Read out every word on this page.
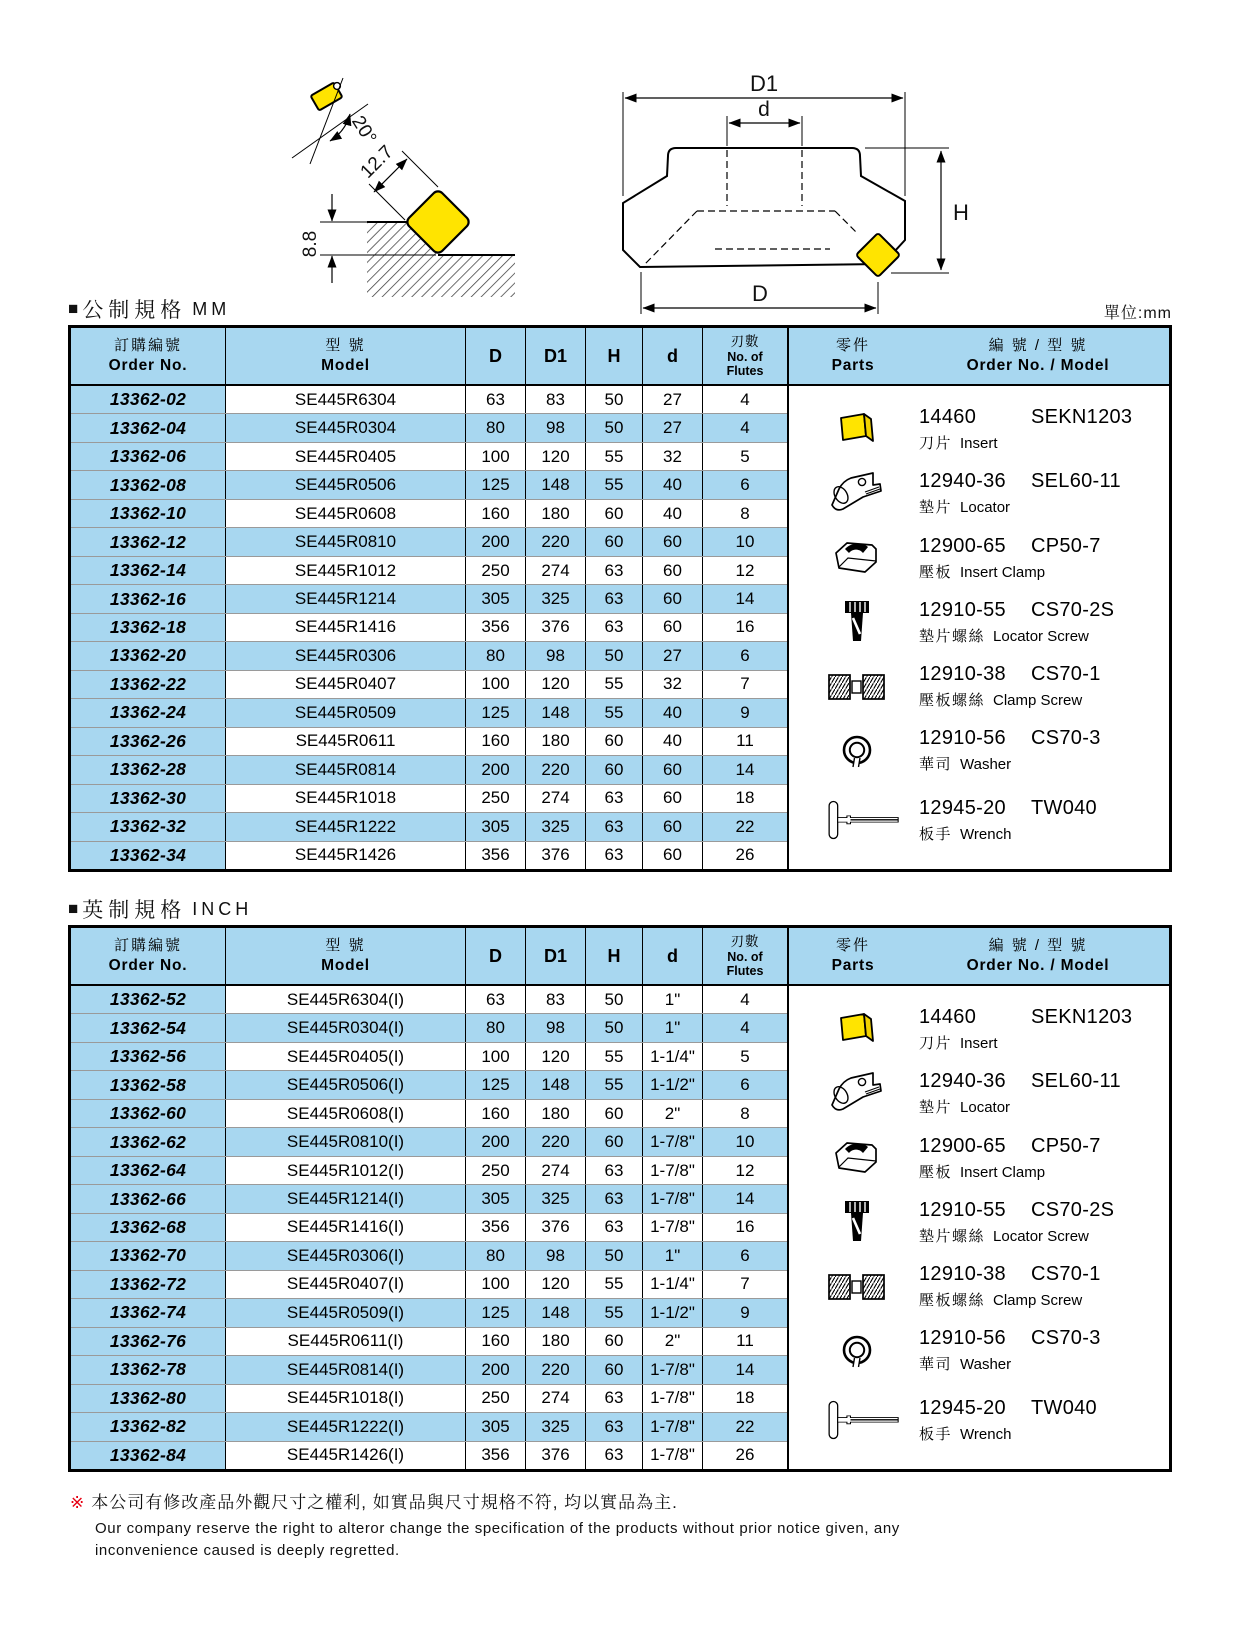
8.8
12.7
20°
D1
d
H
D
■ 公制規格 MM	單位:mm
訂購編號
Order No.
型 號
Model	D	D1	H	d
刃數
No. of
Flutes
13362-02	SE445R6304	63	83	50	27	4
13362-04	SE445R0304	80	98	50	27	4
13362-06	SE445R0405	100	120	55	32	5
13362-08	SE445R0506	125	148	55	40	6
13362-10	SE445R0608	160	180	60	40	8
13362-12	SE445R0810	200	220	60	60	10
13362-14	SE445R1012	250	274	63	60	12
13362-16	SE445R1214	305	325	63	60	14
13362-18	SE445R1416	356	376	63	60	16
13362-20	SE445R0306	80	98	50	27	6
13362-22	SE445R0407	100	120	55	32	7
13362-24	SE445R0509	125	148	55	40	9
13362-26	SE445R0611	160	180	60	40	11
13362-28	SE445R0814	200	220	60	60	14
13362-30	SE445R1018	250	274	63	60	18
13362-32	SE445R1222	305	325	63	60	22
13362-34	SE445R1426	356	376	63	60	26
零件
Parts
編 號 / 型 號
Order No. / Model
14460	SEKN1203
刀片 Insert
12940-36 SEL60-11
墊片 Locator
12900-65 CP50-7
壓板 Insert Clamp
12910-55 CS70-2S
墊片螺絲 Locator Screw
12910-38 CS70-1
壓板螺絲 Clamp Screw
12910-56 CS70-3
華司 Washer
12945-20 TW040
板手 Wrench
■ 英制規格 INCH
訂購編號
Order No.
型 號
Model	D	D1	H	d
刃數
No. of
Flutes
13362-52	SE445R6304(I)	63	83	50	1"	4
13362-54	SE445R0304(I)	80	98	50	1"	4
13362-56	SE445R0405(I)	100	120	55	1-1/4"	5
13362-58	SE445R0506(I)	125	148	55	1-1/2"	6
13362-60	SE445R0608(I)	160	180	60	2"	8
13362-62	SE445R0810(I)	200	220	60	1-7/8"	10
13362-64	SE445R1012(I)	250	274	63	1-7/8"	12
13362-66	SE445R1214(I)	305	325	63	1-7/8"	14
13362-68	SE445R1416(I)	356	376	63	1-7/8"	16
13362-70	SE445R0306(I)	80	98	50	1"	6
13362-72	SE445R0407(I)	100	120	55	1-1/4"	7
13362-74	SE445R0509(I)	125	148	55	1-1/2"	9
13362-76	SE445R0611(I)	160	180	60	2"	11
13362-78	SE445R0814(I)	200	220	60	1-7/8"	14
13362-80	SE445R1018(I)	250	274	63	1-7/8"	18
13362-82	SE445R1222(I)	305	325	63	1-7/8"	22
13362-84	SE445R1426(I)	356	376	63	1-7/8"	26
零件
Parts
編 號 / 型 號
Order No. / Model
14460	SEKN1203
刀片 Insert
12940-36 SEL60-11
墊片 Locator
12900-65 CP50-7
壓板 Insert Clamp
12910-55 CS70-2S
墊片螺絲 Locator Screw
12910-38 CS70-1
壓板螺絲 Clamp Screw
12910-56 CS70-3
華司 Washer
12945-20 TW040
板手 Wrench
※ 本公司有修改產品外觀尺寸之權利, 如實品與尺寸規格不符, 均以實品為主.
Our company reserve the right to alteror change the specification of the products without prior notice given, any
inconvenience caused is deeply regretted.
